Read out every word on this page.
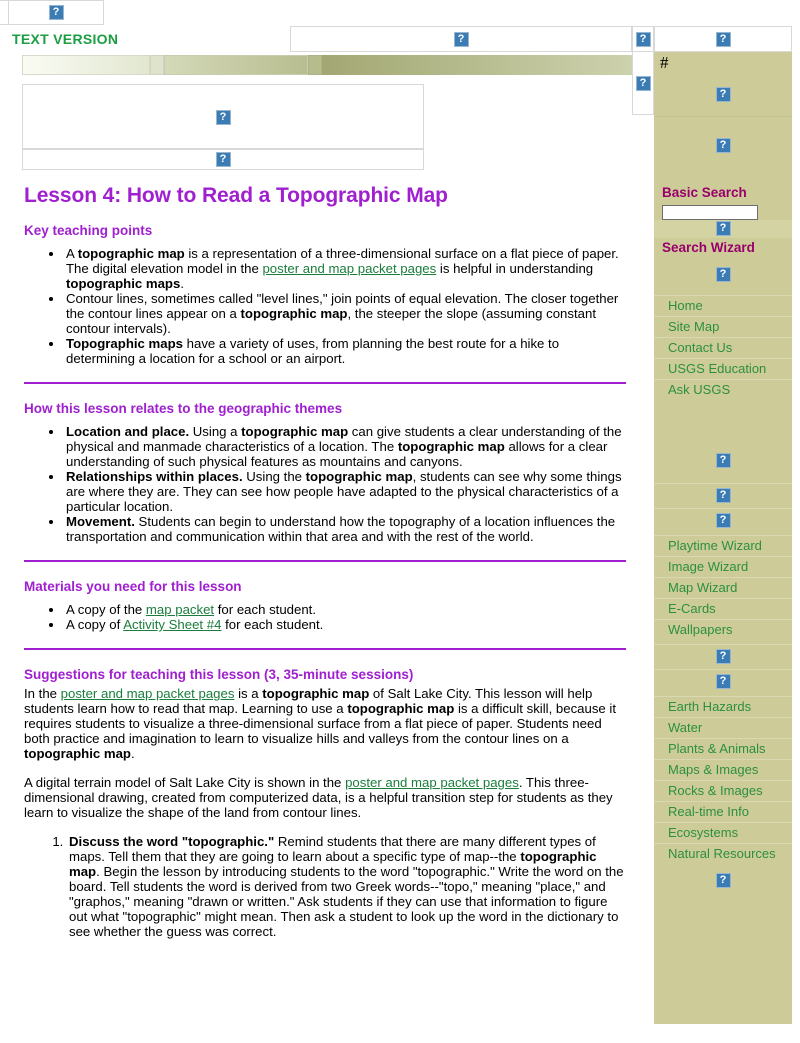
?
TEXT VERSION
?
?
?
?
?
?
#
?
?
Basic Search
?
Search Wizard
?
Home
Site Map
Contact Us
USGS Education
Ask USGS
?
?
?
Playtime Wizard
Image Wizard
Map Wizard
E-Cards
Wallpapers
?
?
Earth Hazards
Water
Plants & Animals
Maps & Images
Rocks & Images
Real-time Info
Ecosystems
Natural Resources
?
Lesson 4: How to Read a Topographic Map
Key teaching points
• A topographic map is a representation of a three-dimensional surface on a flat piece of paper. The digital elevation model in the poster and map packet pages is helpful in understanding topographic maps.
• Contour lines, sometimes called "level lines," join points of equal elevation. The closer together the contour lines appear on a topographic map, the steeper the slope (assuming constant contour intervals).
• Topographic maps have a variety of uses, from planning the best route for a hike to determining a location for a school or an airport.
How this lesson relates to the geographic themes
• Location and place. Using a topographic map can give students a clear understanding of the physical and manmade characteristics of a location. The topographic map allows for a clear understanding of such physical features as mountains and canyons.
• Relationships within places. Using the topographic map, students can see why some things are where they are. They can see how people have adapted to the physical characteristics of a particular location.
• Movement. Students can begin to understand how the topography of a location influences the transportation and communication within that area and with the rest of the world.
Materials you need for this lesson
• A copy of the map packet for each student.
• A copy of Activity Sheet #4 for each student.
Suggestions for teaching this lesson (3, 35-minute sessions)

In the poster and map packet pages is a topographic map of Salt Lake City. This lesson will help students learn how to read that map. Learning to use a topographic map is a difficult skill, because it requires students to visualize a three-dimensional surface from a flat piece of paper. Students need both practice and imagination to learn to visualize hills and valleys from the contour lines on a topographic map.

A digital terrain model of Salt Lake City is shown in the poster and map packet pages. This three-dimensional drawing, created from computerized data, is a helpful transition step for students as they learn to visualize the shape of the land from contour lines.

1. Discuss the word "topographic." Remind students that there are many different types of maps. Tell them that they are going to learn about a specific type of map--the topographic map. Begin the lesson by introducing students to the word "topographic." Write the word on the board. Tell students the word is derived from two Greek words--"topo," meaning "place," and "graphos," meaning "drawn or written." Ask students if they can use that information to figure out what "topographic" might mean. Then ask a student to look up the word in the dictionary to see whether the guess was correct.
